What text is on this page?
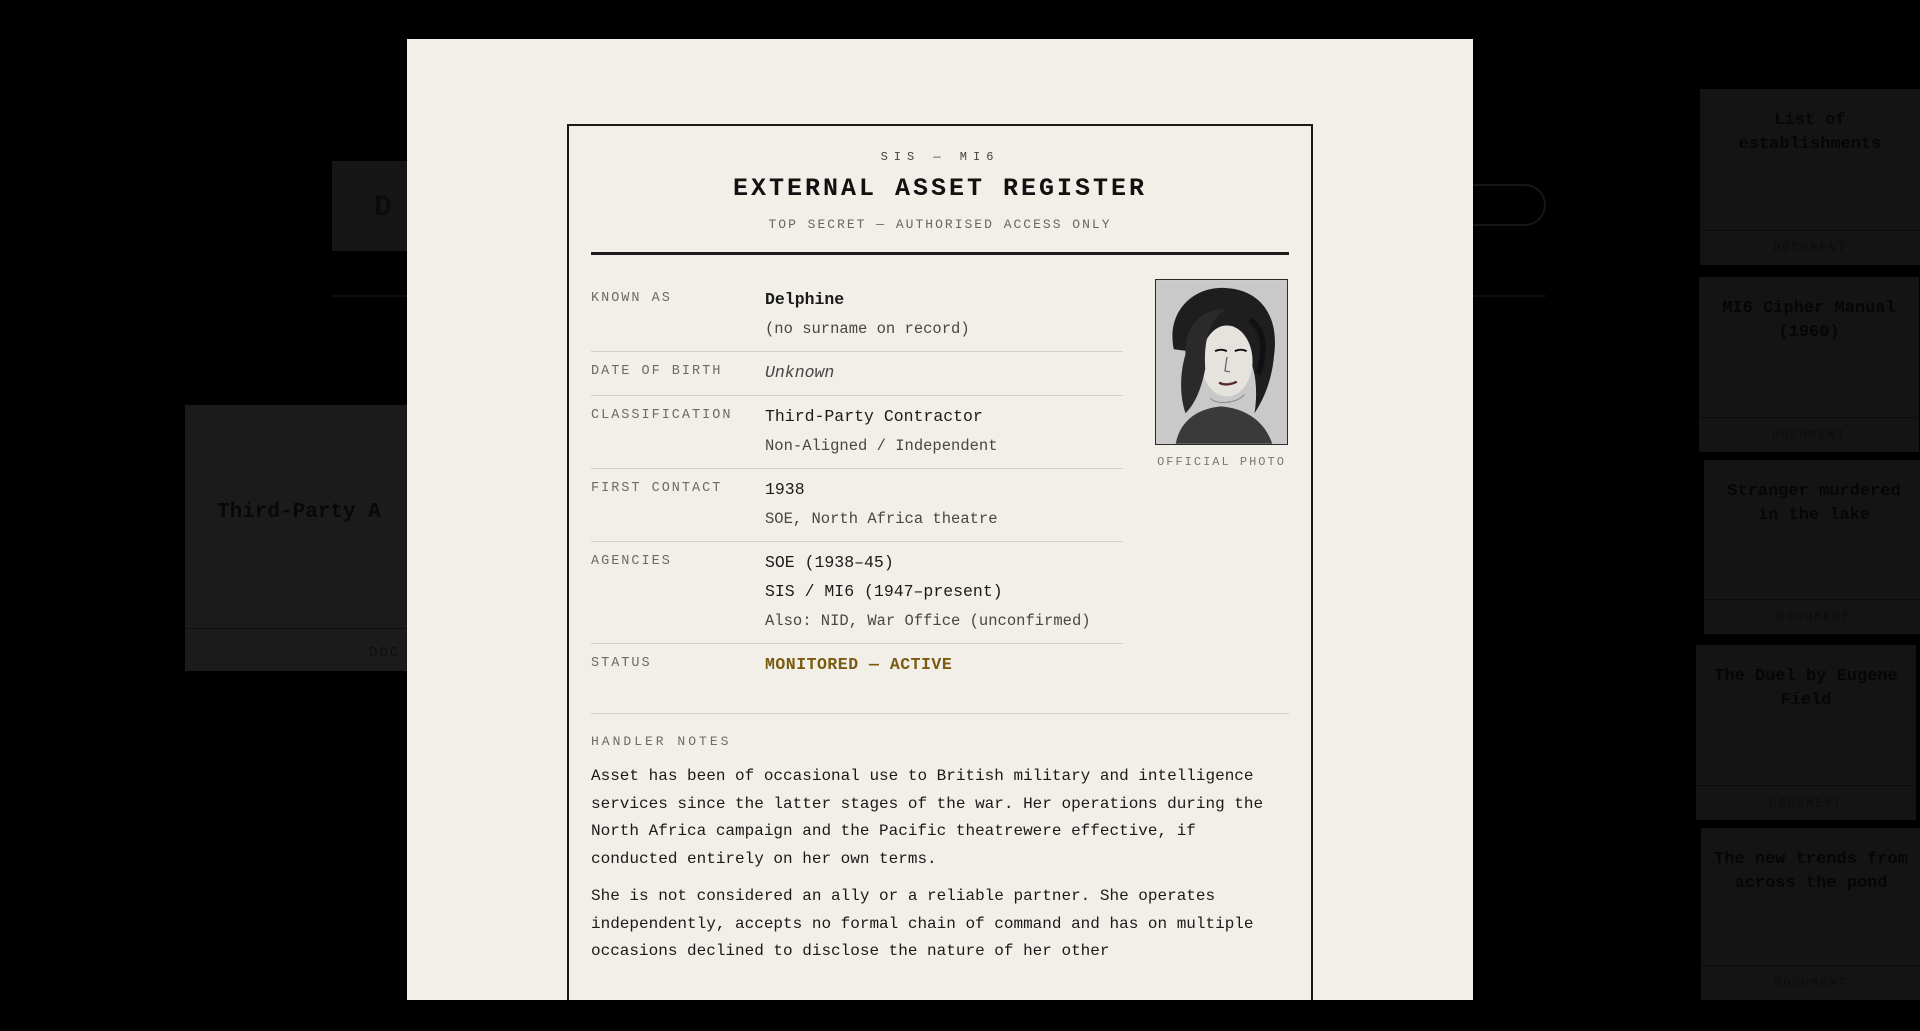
D
Third-Party A
DOC
List of establishments
DOCUMENT
MI6 Cipher Manual (1960)
DOCUMENT
Stranger murdered in the lake
DOCUMENT
The Duel by Eugene Field
DOCUMENT
The new trends from across the pond
DOCUMENT
SIS — MI6
EXTERNAL ASSET REGISTER
TOP SECRET — AUTHORISED ACCESS ONLY
KNOWN AS	Delphine
(no surname on record)
DATE OF BIRTH	Unknown
CLASSIFICATION	Third-Party Contractor
Non-Aligned / Independent
FIRST CONTACT	1938
SOE, North Africa theatre
AGENCIES	SOE (1938–45)
SIS / MI6 (1947–present)
Also: NID, War Office (unconfirmed)
STATUS	MONITORED — ACTIVE
OFFICIAL PHOTO
HANDLER NOTES

Asset has been of occasional use to British military and intelligence services since the latter stages of the war. Her operations during the North Africa campaign and the Pacific theatrewere effective, if conducted entirely on her own terms.

She is not considered an ally or a reliable partner. She operates independently, accepts no formal chain of command and has on multiple occasions declined to disclose the nature of her other
